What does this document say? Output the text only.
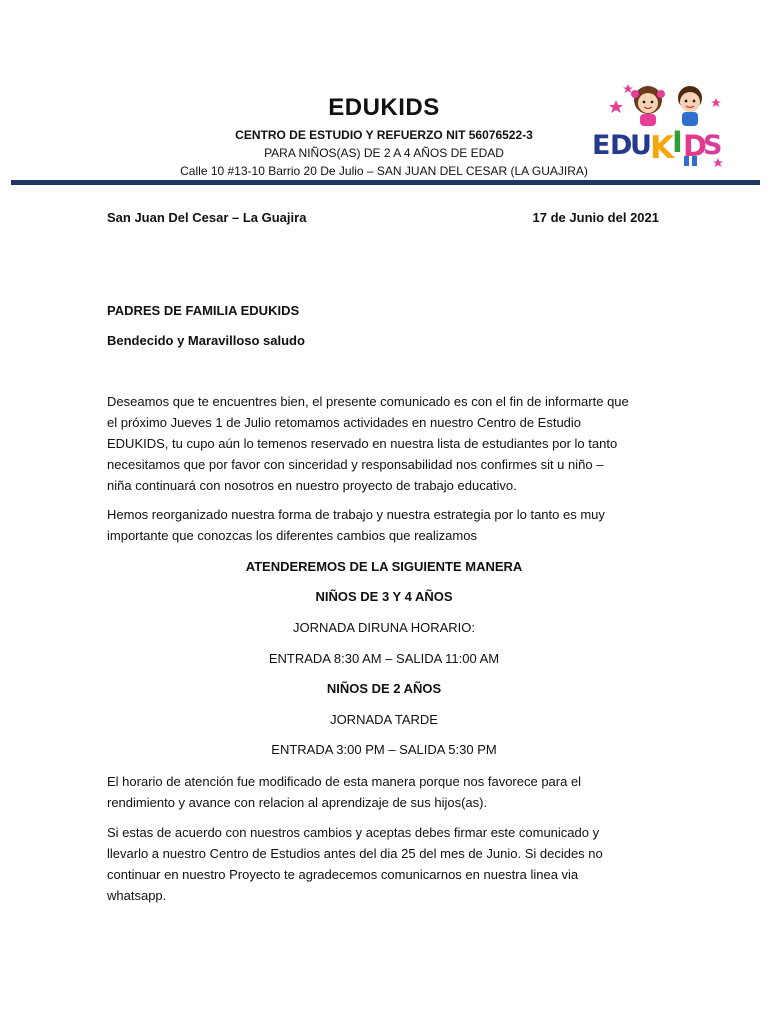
EDUKIDS
CENTRO DE ESTUDIO Y REFUERZO NIT 56076522-3
PARA NIÑOS(AS) DE 2 A 4 AÑOS DE EDAD
Calle 10 #13-10 Barrio 20 De Julio – SAN JUAN DEL CESAR (LA GUAJIRA)
E D
U
K
I D
S
San Juan Del Cesar – La Guajira	17 de Junio del 2021
PADRES DE FAMILIA EDUKIDS
Bendecido y Maravilloso saludo
Deseamos que te encuentres bien, el presente comunicado es con el fin de informarte que
el próximo Jueves 1 de Julio retomamos actividades en nuestro Centro de Estudio
EDUKIDS, tu cupo aún lo temenos reservado en nuestra lista de estudiantes por lo tanto
necesitamos que por favor con sinceridad y responsabilidad nos confirmes sit u niño –
niña continuará con nosotros en nuestro proyecto de trabajo educativo.
Hemos reorganizado nuestra forma de trabajo y nuestra estrategia por lo tanto es muy
importante que conozcas los diferentes cambios que realizamos
ATENDEREMOS DE LA SIGUIENTE MANERA
NIÑOS DE 3 Y 4 AÑOS
JORNADA DIRUNA HORARIO:
ENTRADA 8:30 AM – SALIDA 11:00 AM
NIÑOS DE 2 AÑOS
JORNADA TARDE
ENTRADA 3:00 PM – SALIDA 5:30 PM
El horario de atención fue modificado de esta manera porque nos favorece para el
rendimiento y avance con relacion al aprendizaje de sus hijos(as).
Si estas de acuerdo con nuestros cambios y aceptas debes firmar este comunicado y
llevarlo a nuestro Centro de Estudios antes del dia 25 del mes de Junio. Si decides no
continuar en nuestro Proyecto te agradecemos comunicarnos en nuestra linea via
whatsapp.
